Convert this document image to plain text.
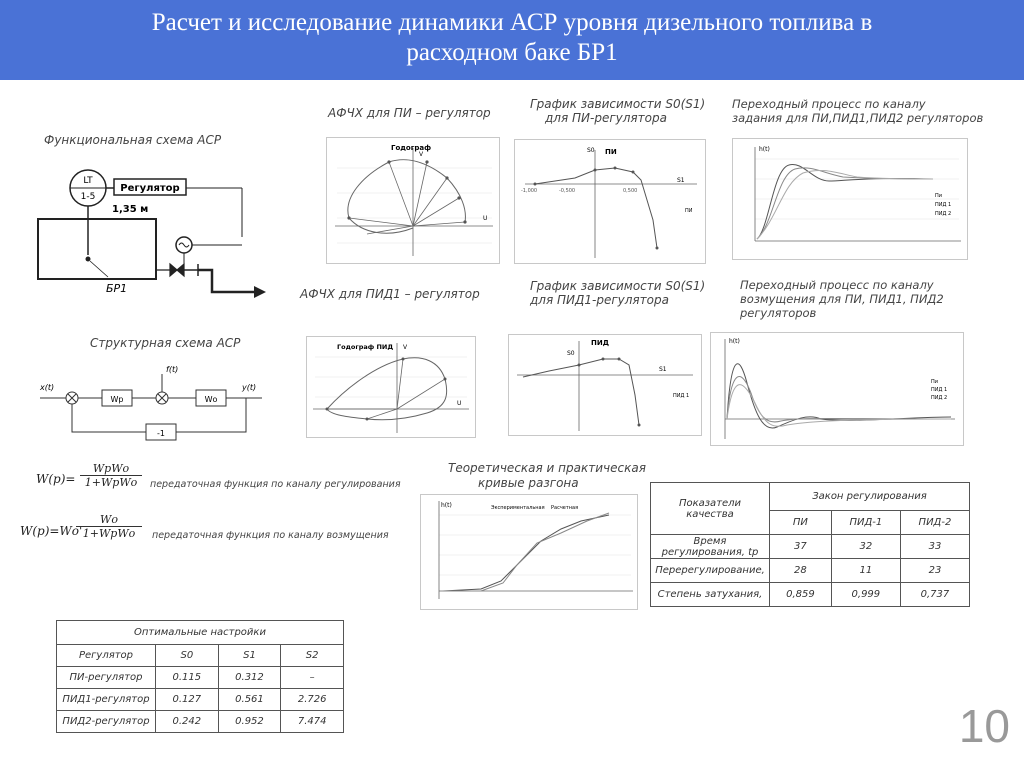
Расчет и исследование динамики АСР уровня дизельного топлива в
расходном баке БР1
Функциональная схема АСР
LT
1-5
Регулятор
1,35 м
БР1	АФЧХ для ПИД1 – регулятор
Структурная схема АСР
x(t)
Wр
f(t)
Wо
y(t)
-1
W(p)=
WрWо
1+WрWо	передаточная функция по каналу регулирования
W(p)=Wо'
Wо
1+WрWо	передаточная функция по каналу возмущения
АФЧХ для ПИ – регулятор
График зависимости S0(S1)
для ПИ-регулятора
Переходный процесс по каналу
задания для ПИ,ПИД1,ПИД2 регуляторов
График зависимости S0(S1)
для ПИД1-регулятора
Переходный процесс по каналу
возмущения для ПИ, ПИД1, ПИД2
регуляторов
Теоретическая и практическая
кривые разгона
Годограф
V
U
ПИ
S0
S1
ПИ
-1,000	-0,500	0,500
h(t)
Пи
ПИД 1
ПИД 2
Годограф ПИД V
U
ПИД
S0
S1
ПИД 1
h(t)
Пи
ПИД 1
ПИД 2
h(t)	Экспериментальная Расчетная	Показатели качества	Закон регулирования		
	ПИ	ПИД-1	ПИД-2
Время регулирования, tр	37	32	33
Перерегулирование,	28	11	23
Степень затухания,	0,859	0,999	0,737
Оптимальные настройки			
Регулятор	S0	S1	S2
ПИ-регулятор	0.115	0.312	–
ПИД1-регулятор	0.127	0.561	2.726
ПИД2-регулятор	0.242	0.952	7.474	10
